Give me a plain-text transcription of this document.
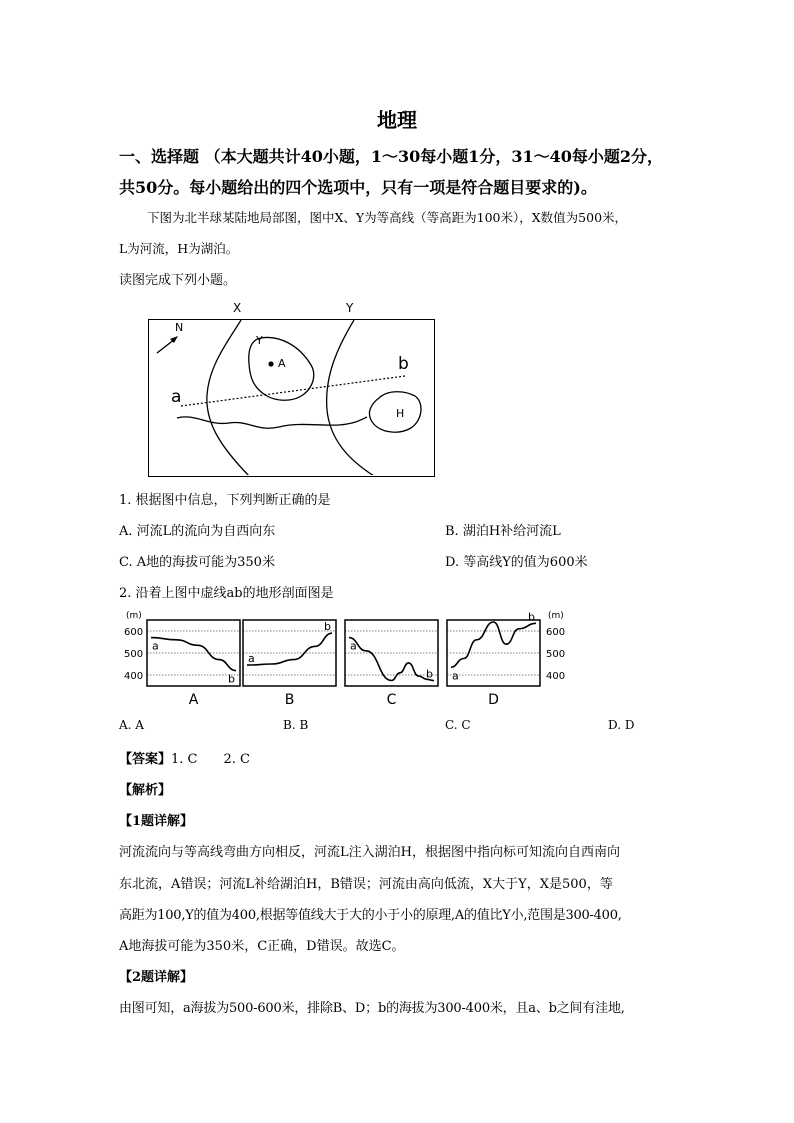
地理
一、选择题 （本大题共计40小题，1～30每小题1分，31～40每小题2分，
共50分。每小题给出的四个选项中，只有一项是符合题目要求的)。
下图为北半球某陆地局部图，图中X、Y为等高线（等高距为100米），X数值为500米，
L为河流，H为湖泊。
读图完成下列小题。
X	Y
N
Y
A
a
b
H
1. 根据图中信息，下列判断正确的是
A. 河流L的流向为自西向东	B. 湖泊H补给河流L
C. A地的海拔可能为350米	D. 等高线Y的值为600米
2. 沿着上图中虚线ab的地形剖面图是
a
b
A
a
b
B
a
b
C
a
b
D
(m)	(m)
600	600
500	500
400	400
A. A	B. B	C. C	D. D
【答案】1. C　　2. C
【解析】
【1题详解】
河流流向与等高线弯曲方向相反，河流L注入湖泊H，根据图中指向标可知流向自西南向
东北流，A错误；河流L补给湖泊H，B错误；河流由高向低流，X大于Y，X是500，等
高距为100,Y的值为400,根据等值线大于大的小于小的原理,A的值比Y小,范围是300-400,
A地海拔可能为350米，C正确，D错误。故选C。
【2题详解】
由图可知，a海拔为500-600米，排除B、D；b的海拔为300-400米，且a、b之间有洼地,
